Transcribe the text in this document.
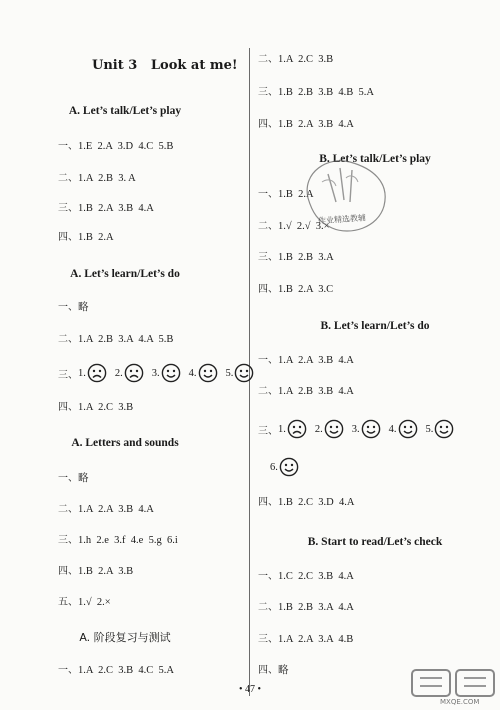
Unit 3   Look at me!
A. Let’s talk/Let’s play
一、1.E  2.A  3.D  4.C  5.B
二、1.A  2.B  3. A
三、1.B  2.A  3.B  4.A
四、1.B  2.A
A. Let’s learn/Let’s do
一、略
二、1.A  2.B  3.A  4.A  5.B
三、 1.	2.	3.	4.	5.
四、1.A  2.C  3.B
A. Letters and sounds
一、略
二、1.A  2.A  3.B  4.A
三、1.h  2.e  3.f  4.e  5.g  6.i
四、1.B  2.A  3.B
五、1.√  2.×
A. 阶段复习与测试
一、1.A  2.C  3.B  4.C  5.A
二、1.A  2.C  3.B
三、1.B  2.B  3.B  4.B  5.A
四、1.B  2.A  3.B  4.A
B. Let’s talk/Let’s play
一、1.B  2.A
二、1.√  2.√  3.×
三、1.B  2.B  3.A
四、1.B  2.A  3.C
B. Let’s learn/Let’s do
一、1.A  2.A  3.B  4.A
二、1.A  2.B  3.B  4.A
三、 1.	2.	3.	4.	5.
6.
四、1.B  2.C  3.D  4.A
B. Start to read/Let’s check
一、1.C  2.C  3.B  4.A
二、1.B  2.B  3.A  4.A
三、1.A  2.A  3.A  4.B
四、略
作业精选教辅
• 47 •
MXQE.COM
